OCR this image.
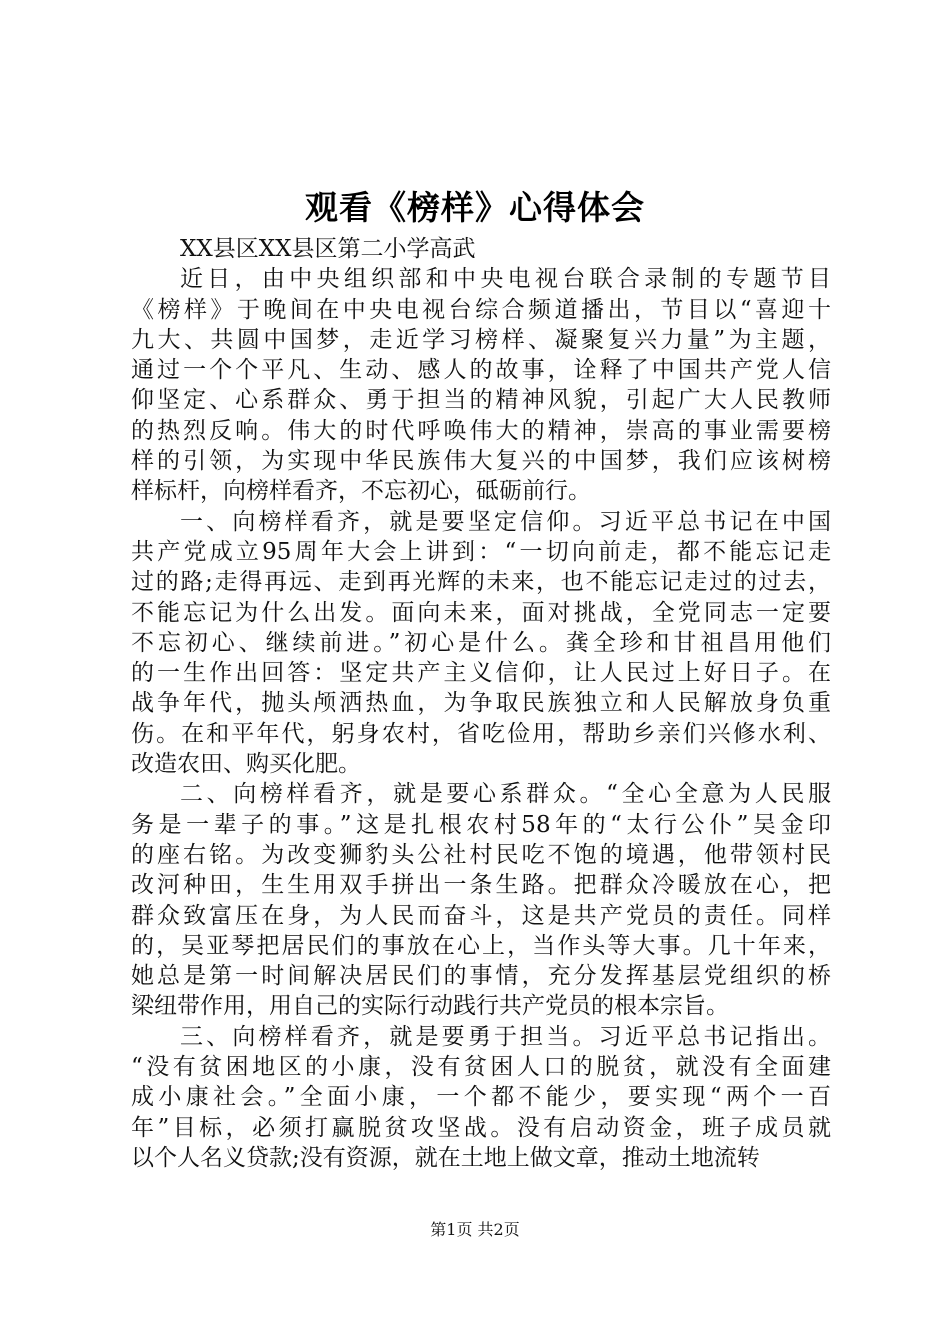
观看《榜样》心得体会
XX县区XX县区第二小学高武
近日，由中央组织部和中央电视台联合录制的专题节目
《榜样》于晚间在中央电视台综合频道播出，节目以“喜迎十
九大、共圆中国梦，走近学习榜样、凝聚复兴力量”为主题，
通过一个个平凡、生动、感人的故事，诠释了中国共产党人信
仰坚定、心系群众、勇于担当的精神风貌，引起广大人民教师
的热烈反响。伟大的时代呼唤伟大的精神，崇高的事业需要榜
样的引领，为实现中华民族伟大复兴的中国梦，我们应该树榜
样标杆，向榜样看齐，不忘初心，砥砺前行。
一、向榜样看齐，就是要坚定信仰。习近平总书记在中国
共产党成立95周年大会上讲到：“一切向前走，都不能忘记走
过的路;走得再远、走到再光辉的未来，也不能忘记走过的过去，
不能忘记为什么出发。面向未来，面对挑战，全党同志一定要
不忘初心、继续前进。”初心是什么。龚全珍和甘祖昌用他们
的一生作出回答：坚定共产主义信仰，让人民过上好日子。在
战争年代，抛头颅洒热血，为争取民族独立和人民解放身负重
伤。在和平年代，躬身农村，省吃俭用，帮助乡亲们兴修水利、
改造农田、购买化肥。
二、向榜样看齐，就是要心系群众。“全心全意为人民服
务是一辈子的事。”这是扎根农村58年的“太行公仆”吴金印
的座右铭。为改变狮豹头公社村民吃不饱的境遇，他带领村民
改河种田，生生用双手拼出一条生路。把群众冷暖放在心，把
群众致富压在身，为人民而奋斗，这是共产党员的责任。同样
的，吴亚琴把居民们的事放在心上，当作头等大事。几十年来，
她总是第一时间解决居民们的事情，充分发挥基层党组织的桥
梁纽带作用，用自己的实际行动践行共产党员的根本宗旨。
三、向榜样看齐，就是要勇于担当。习近平总书记指出。
“没有贫困地区的小康，没有贫困人口的脱贫，就没有全面建
成小康社会。”全面小康，一个都不能少，要实现“两个一百
年”目标，必须打赢脱贫攻坚战。没有启动资金，班子成员就
以个人名义贷款;没有资源，就在土地上做文章，推动土地流转
第1页 共2页
